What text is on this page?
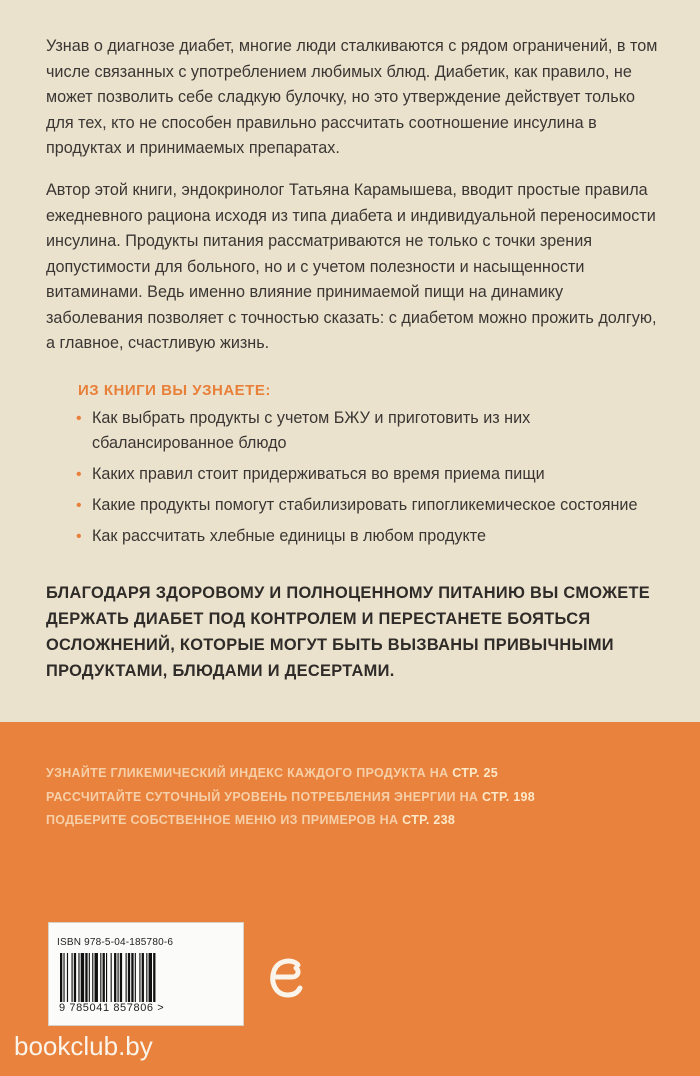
Узнав о диагнозе диабет, многие люди сталкиваются с рядом ограничений, в том числе связанных с употреблением любимых блюд. Диабетик, как правило, не может позволить себе сладкую булочку, но это утверждение действует только для тех, кто не способен правильно рассчитать соотношение инсулина в продуктах и принимаемых препаратах.

Автор этой книги, эндокринолог Татьяна Карамышева, вводит простые правила ежедневного рациона исходя из типа диабета и индивидуальной переносимости инсулина. Продукты питания рассматриваются не только с точки зрения допустимости для больного, но и с учетом полезности и насыщенности витаминами. Ведь именно влияние принимаемой пищи на динамику заболевания позволяет с точностью сказать: с диабетом можно прожить долгую, а главное, счастливую жизнь.

ИЗ КНИГИ ВЫ УЗНАЕТЕ:
• Как выбрать продукты с учетом БЖУ и приготовить из них сбалансированное блюдо
• Каких правил стоит придерживаться во время приема пищи
• Какие продукты помогут стабилизировать гипогликемическое состояние
• Как рассчитать хлебные единицы в любом продукте

БЛАГОДАРЯ ЗДОРОВОМУ И ПОЛНОЦЕННОМУ ПИТАНИЮ ВЫ СМОЖЕТЕ ДЕРЖАТЬ ДИАБЕТ ПОД КОНТРОЛЕМ И ПЕРЕСТАНЕТЕ БОЯТЬСЯ ОСЛОЖНЕНИЙ, КОТОРЫЕ МОГУТ БЫТЬ ВЫЗВАНЫ ПРИВЫЧНЫМИ ПРОДУКТАМИ, БЛЮДАМИ И ДЕСЕРТАМИ.

УЗНАЙТЕ ГЛИКЕМИЧЕСКИЙ ИНДЕКС КАЖДОГО ПРОДУКТА НА СТР. 25
РАССЧИТАЙТЕ СУТОЧНЫЙ УРОВЕНЬ ПОТРЕБЛЕНИЯ ЭНЕРГИИ НА СТР. 198
ПОДБЕРИТЕ СОБСТВЕННОЕ МЕНЮ ИЗ ПРИМЕРОВ НА СТР. 238
ISBN 978-5-04-185780-6
9 785041 857806 >
bookclub.by
